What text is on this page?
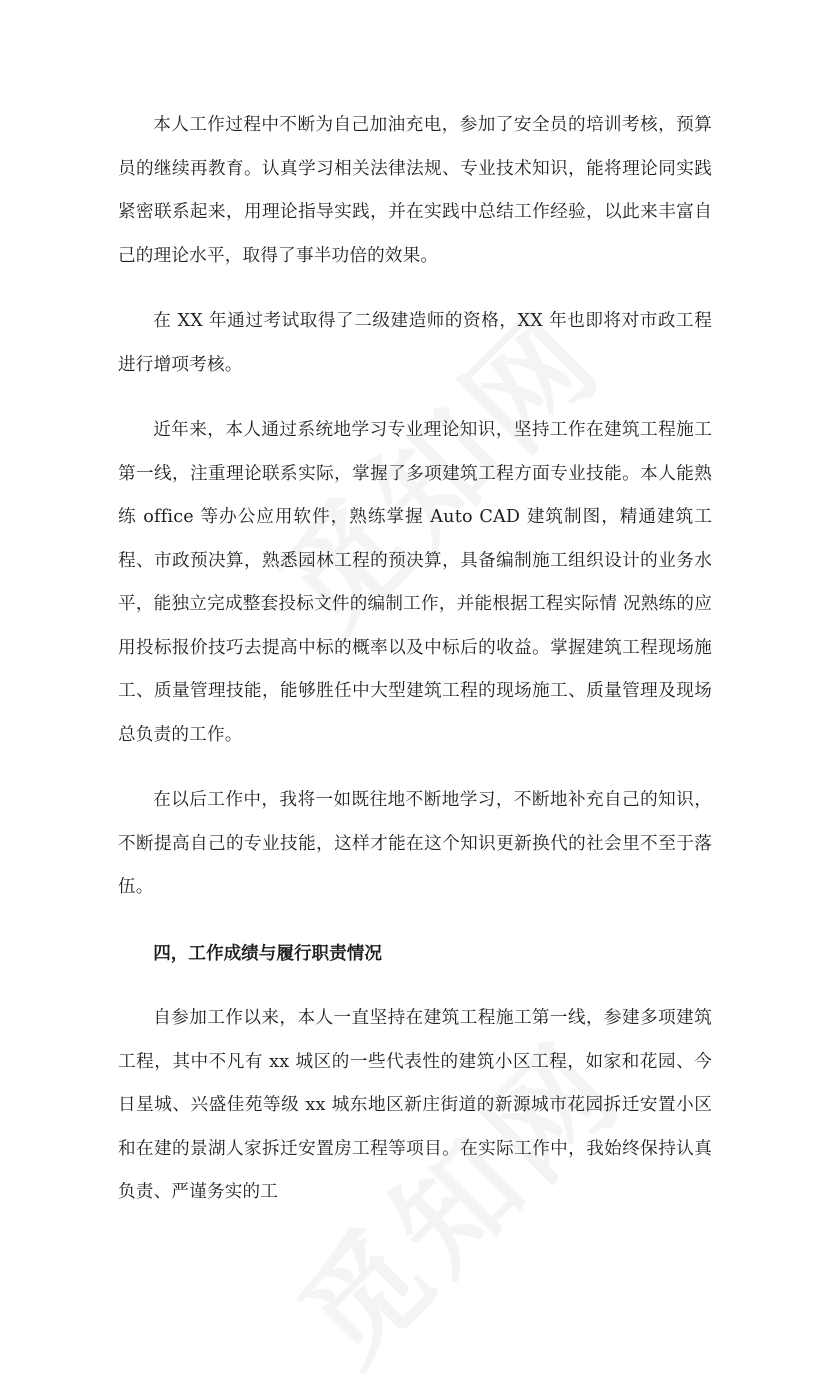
本人工作过程中不断为自己加油充电，参加了安全员的培训考核，预算员的继续再教育。认真学习相关法律法规、专业技术知识，能将理论同实践紧密联系起来，用理论指导实践，并在实践中总结工作经验，以此来丰富自己的理论水平，取得了事半功倍的效果。

在 XX 年通过考试取得了二级建造师的资格，XX 年也即将对市政工程进行增项考核。

近年来，本人通过系统地学习专业理论知识，坚持工作在建筑工程施工第一线，注重理论联系实际，掌握了多项建筑工程方面专业技能。本人能熟练 office 等办公应用软件，熟练掌握 Auto CAD 建筑制图，精通建筑工程、市政预决算，熟悉园林工程的预决算，具备编制施工组织设计的业务水平，能独立完成整套投标文件的编制工作，并能根据工程实际情 况熟练的应用投标报价技巧去提高中标的概率以及中标后的收益。掌握建筑工程现场施工、质量管理技能，能够胜任中大型建筑工程的现场施工、质量管理及现场总负责的工作。

在以后工作中，我将一如既往地不断地学习，不断地补充自己的知识，不断提高自己的专业技能，这样才能在这个知识更新换代的社会里不至于落伍。

四，工作成绩与履行职责情况

自参加工作以来，本人一直坚持在建筑工程施工第一线，参建多项建筑工程，其中不凡有 xx 城区的一些代表性的建筑小区工程，如家和花园、今日星城、兴盛佳苑等级 xx 城东地区新庄街道的新源城市花园拆迁安置小区和在建的景湖人家拆迁安置房工程等项目。在实际工作中，我始终保持认真负责、严谨务实的工
